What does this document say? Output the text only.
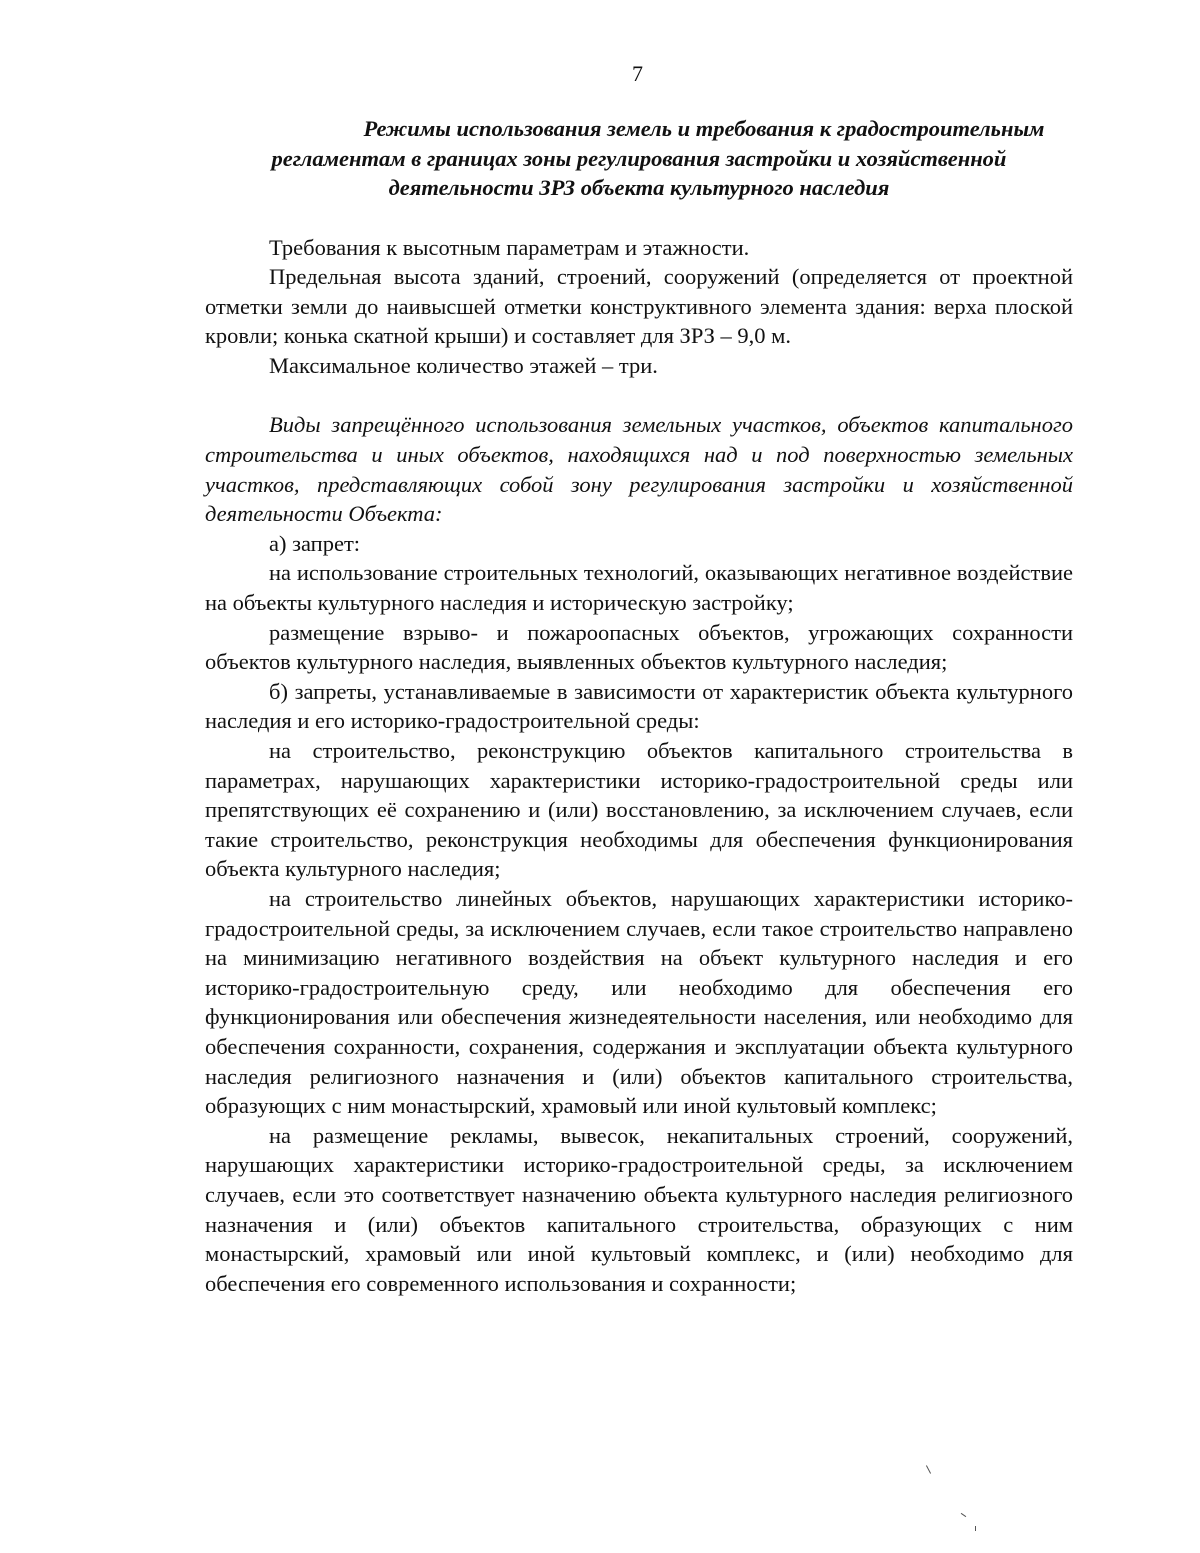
7
Режимы использования земель и требования к градостроительным
регламентам в границах зоны регулирования застройки и хозяйственной
деятельности ЗРЗ объекта культурного наследия

Требования к высотным параметрам и этажности.

Предельная высота зданий, строений, сооружений (определяется от проектной отметки земли до наивысшей отметки конструктивного элемента здания: верха плоской кровли; конька скатной крыши) и составляет для ЗРЗ – 9,0 м.

Максимальное количество этажей – три.

Виды запрещённого использования земельных участков, объектов капитального строительства и иных объектов, находящихся над и под поверхностью земельных участков, представляющих собой зону регулирования застройки и хозяйственной деятельности Объекта:

а) запрет:

на использование строительных технологий, оказывающих негативное воздействие на объекты культурного наследия и историческую застройку;

размещение взрыво- и пожароопасных объектов, угрожающих сохранности объектов культурного наследия, выявленных объектов культурного наследия;

б) запреты, устанавливаемые в зависимости от характеристик объекта культурного наследия и его историко-градостроительной среды:

на строительство, реконструкцию объектов капитального строительства в параметрах, нарушающих характеристики историко-градостроительной среды или препятствующих её сохранению и (или) восстановлению, за исключением случаев, если такие строительство, реконструкция необходимы для обеспечения функционирования объекта культурного наследия;

на строительство линейных объектов, нарушающих характеристики историко-градостроительной среды, за исключением случаев, если такое строительство направлено на минимизацию негативного воздействия на объект культурного наследия и его историко-градостроительную среду, или необходимо для обеспечения его функционирования или обеспечения жизнедеятельности населения, или необходимо для обеспечения сохранности, сохранения, содержания и эксплуатации объекта культурного наследия религиозного назначения и (или) объектов капитального строительства, образующих с ним монастырский, храмовый или иной культовый комплекс;

на размещение рекламы, вывесок, некапитальных строений, сооружений, нарушающих характеристики историко-градостроительной среды, за исключением случаев, если это соответствует назначению объекта культурного наследия религиозного назначения и (или) объектов капитального строительства, образующих с ним монастырский, храмовый или иной культовый комплекс, и (или) необходимо для обеспечения его современного использования и сохранности;
